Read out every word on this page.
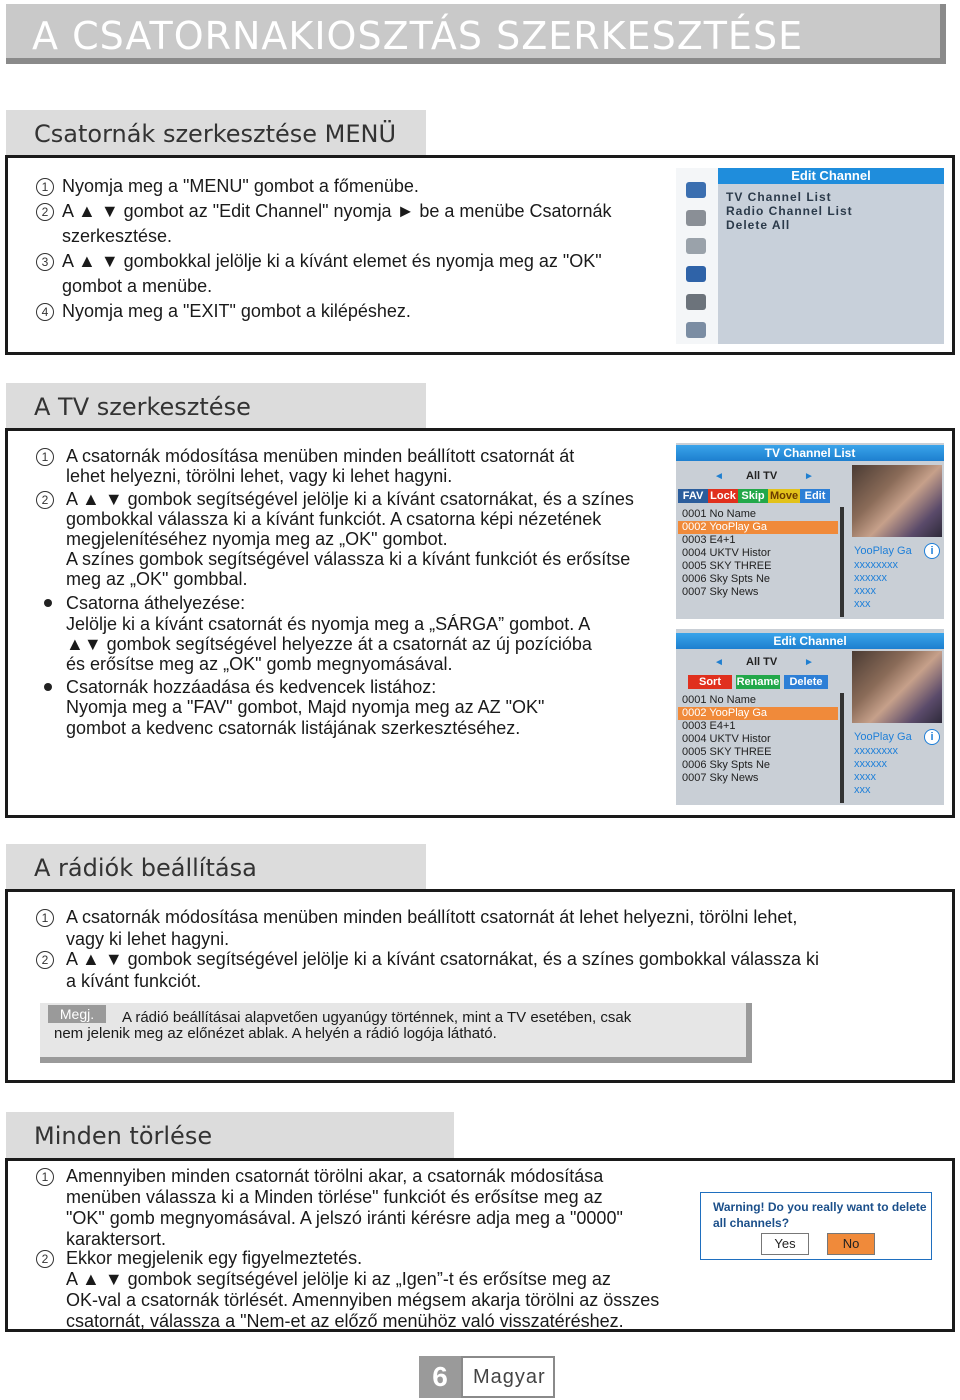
A CSATORNAKIOSZTÁS SZERKESZTÉSE
Csatornák szerkesztése MENÜ
1 Nyomja meg a "MENU" gombot a főmenübe.
2 A ▲ ▼ gombot az "Edit Channel" nyomja ► be a menübe Csatornák
szerkesztése.
3 A ▲ ▼ gombokkal jelölje ki a kívánt elemet és nyomja meg az "OK"
gombot a menübe.
4 Nyomja meg a "EXIT" gombot a kilépéshez.
Edit Channel
TV Channel List
Radio Channel List
Delete All
A TV szerkesztése
1 A csatornák módosítása menüben minden beállított csatornát át
lehet helyezni, törölni lehet, vagy ki lehet hagyni.
2 A ▲ ▼ gombok segítségével jelölje ki a kívánt csatornákat, és a színes
gombokkal válassza ki a kívánt funkciót. A csatorna képi nézetének
megjelenítéséhez nyomja meg az „OK" gombot.
A színes gombok segítségével válassza ki a kívánt funkciót és erősítse
meg az „OK" gombbal.
Csatorna áthelyezése:
Jelölje ki a kívánt csatornát és nyomja meg a „SÁRGA” gombot. A
▲▼ gombok segítségével helyezze át a csatornát az új pozícióba
és erősítse meg az „OK" gomb megnyomásával.
Csatornák hozzáadása és kedvencek listához:
Nyomja meg a "FAV" gombot, Majd nyomja meg az AZ "OK"
gombot a kedvenc csatornák listájának szerkesztéséhez.
TV Channel List
◄ All TV	►
FAV Lock Skip Move Edit
0001 No Name
0002 YooPlay Ga
0003 E4+1
0004 UKTV Histor
0005 SKY THREE
0006 Sky Spts Ne
0007 Sky News
YooPlay Ga	i
xxxxxxxx
xxxxxx
xxxx
xxx
Edit Channel
◄ All TV	►
Sort	Rename Delete
0001 No Name
0002 YooPlay Ga
0003 E4+1
0004 UKTV Histor
0005 SKY THREE
0006 Sky Spts Ne
0007 Sky News
YooPlay Ga	i
xxxxxxxx
xxxxxx
xxxx
xxx
A rádiók beállítása
1 A csatornák módosítása menüben minden beállított csatornát át lehet helyezni, törölni lehet,
vagy ki lehet hagyni.
2 A ▲ ▼ gombok segítségével jelölje ki a kívánt csatornákat, és a színes gombokkal válassza ki
a kívánt funkciót.
Megj.	A rádió beállításai alapvetően ugyanúgy történnek, mint a TV esetében, csak
nem jelenik meg az előnézet ablak. A helyén a rádió logója látható.
Minden törlése
1 Amennyiben minden csatornát törölni akar, a csatornák módosítása
menüben válassza ki a Minden törlése" funkciót és erősítse meg az
"OK" gomb megnyomásával. A jelszó iránti kérésre adja meg a "0000"
karaktersort.
2 Ekkor megjelenik egy figyelmeztetés.
A ▲ ▼ gombok segítségével jelölje ki az „Igen”-t és erősítse meg az
OK-val a csatornák törlését. Amennyiben mégsem akarja törölni az összes
csatornát, válassza a "Nem-et az előző menühöz való visszatéréshez.
Warning! Do you really want to delete
all channels?
Yes	No
6	Magyar
